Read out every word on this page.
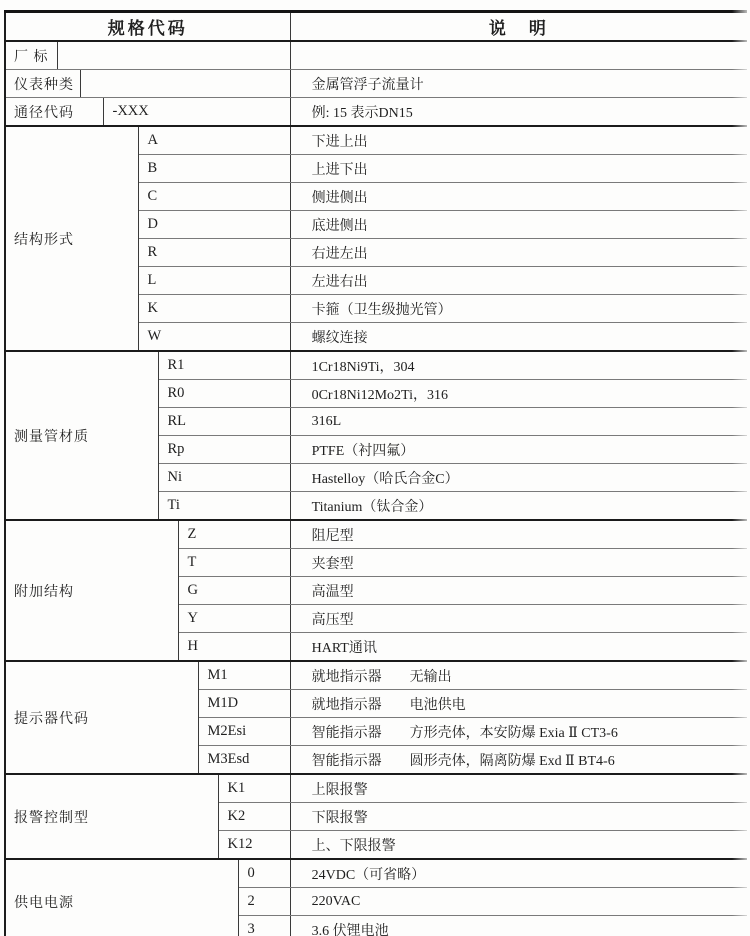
规格代码										说　明
厂 标										
仪表种类										金属管浮子流量计
通径代码			-XXX							例: 15 表示DN15
结构形式				A						下进上出
				B						上进下出
				C						侧进侧出
				D						底进侧出
				R						右进左出
				L						左进右出
				K						卡箍（卫生级抛光管）
				W						螺纹连接
测量管材质					R1					1Cr18Ni9Ti，304
					R0					0Cr18Ni12Mo2Ti，316
					RL					316L
					Rp					PTFE（衬四氟）
					Ni					Hastelloy（哈氏合金C）
					Ti					Titanium（钛合金）
附加结构						Z				阻尼型
						T				夹套型
						G				高温型
						Y				高压型
						H				HART通讯
提示器代码							M1			就地指示器　　无输出
							M1D			就地指示器　　电池供电
							M2Esi			智能指示器　　方形壳体，本安防爆 Exia Ⅱ CT3-6
							M3Esd			智能指示器　　圆形壳体，隔离防爆 Exd Ⅱ BT4-6
报警控制型								K1		上限报警
								K2		下限报警
								K12		上、下限报警
供电电源									0	24VDC（可省略）
									2	220VAC
									3	3.6 伏锂电池
